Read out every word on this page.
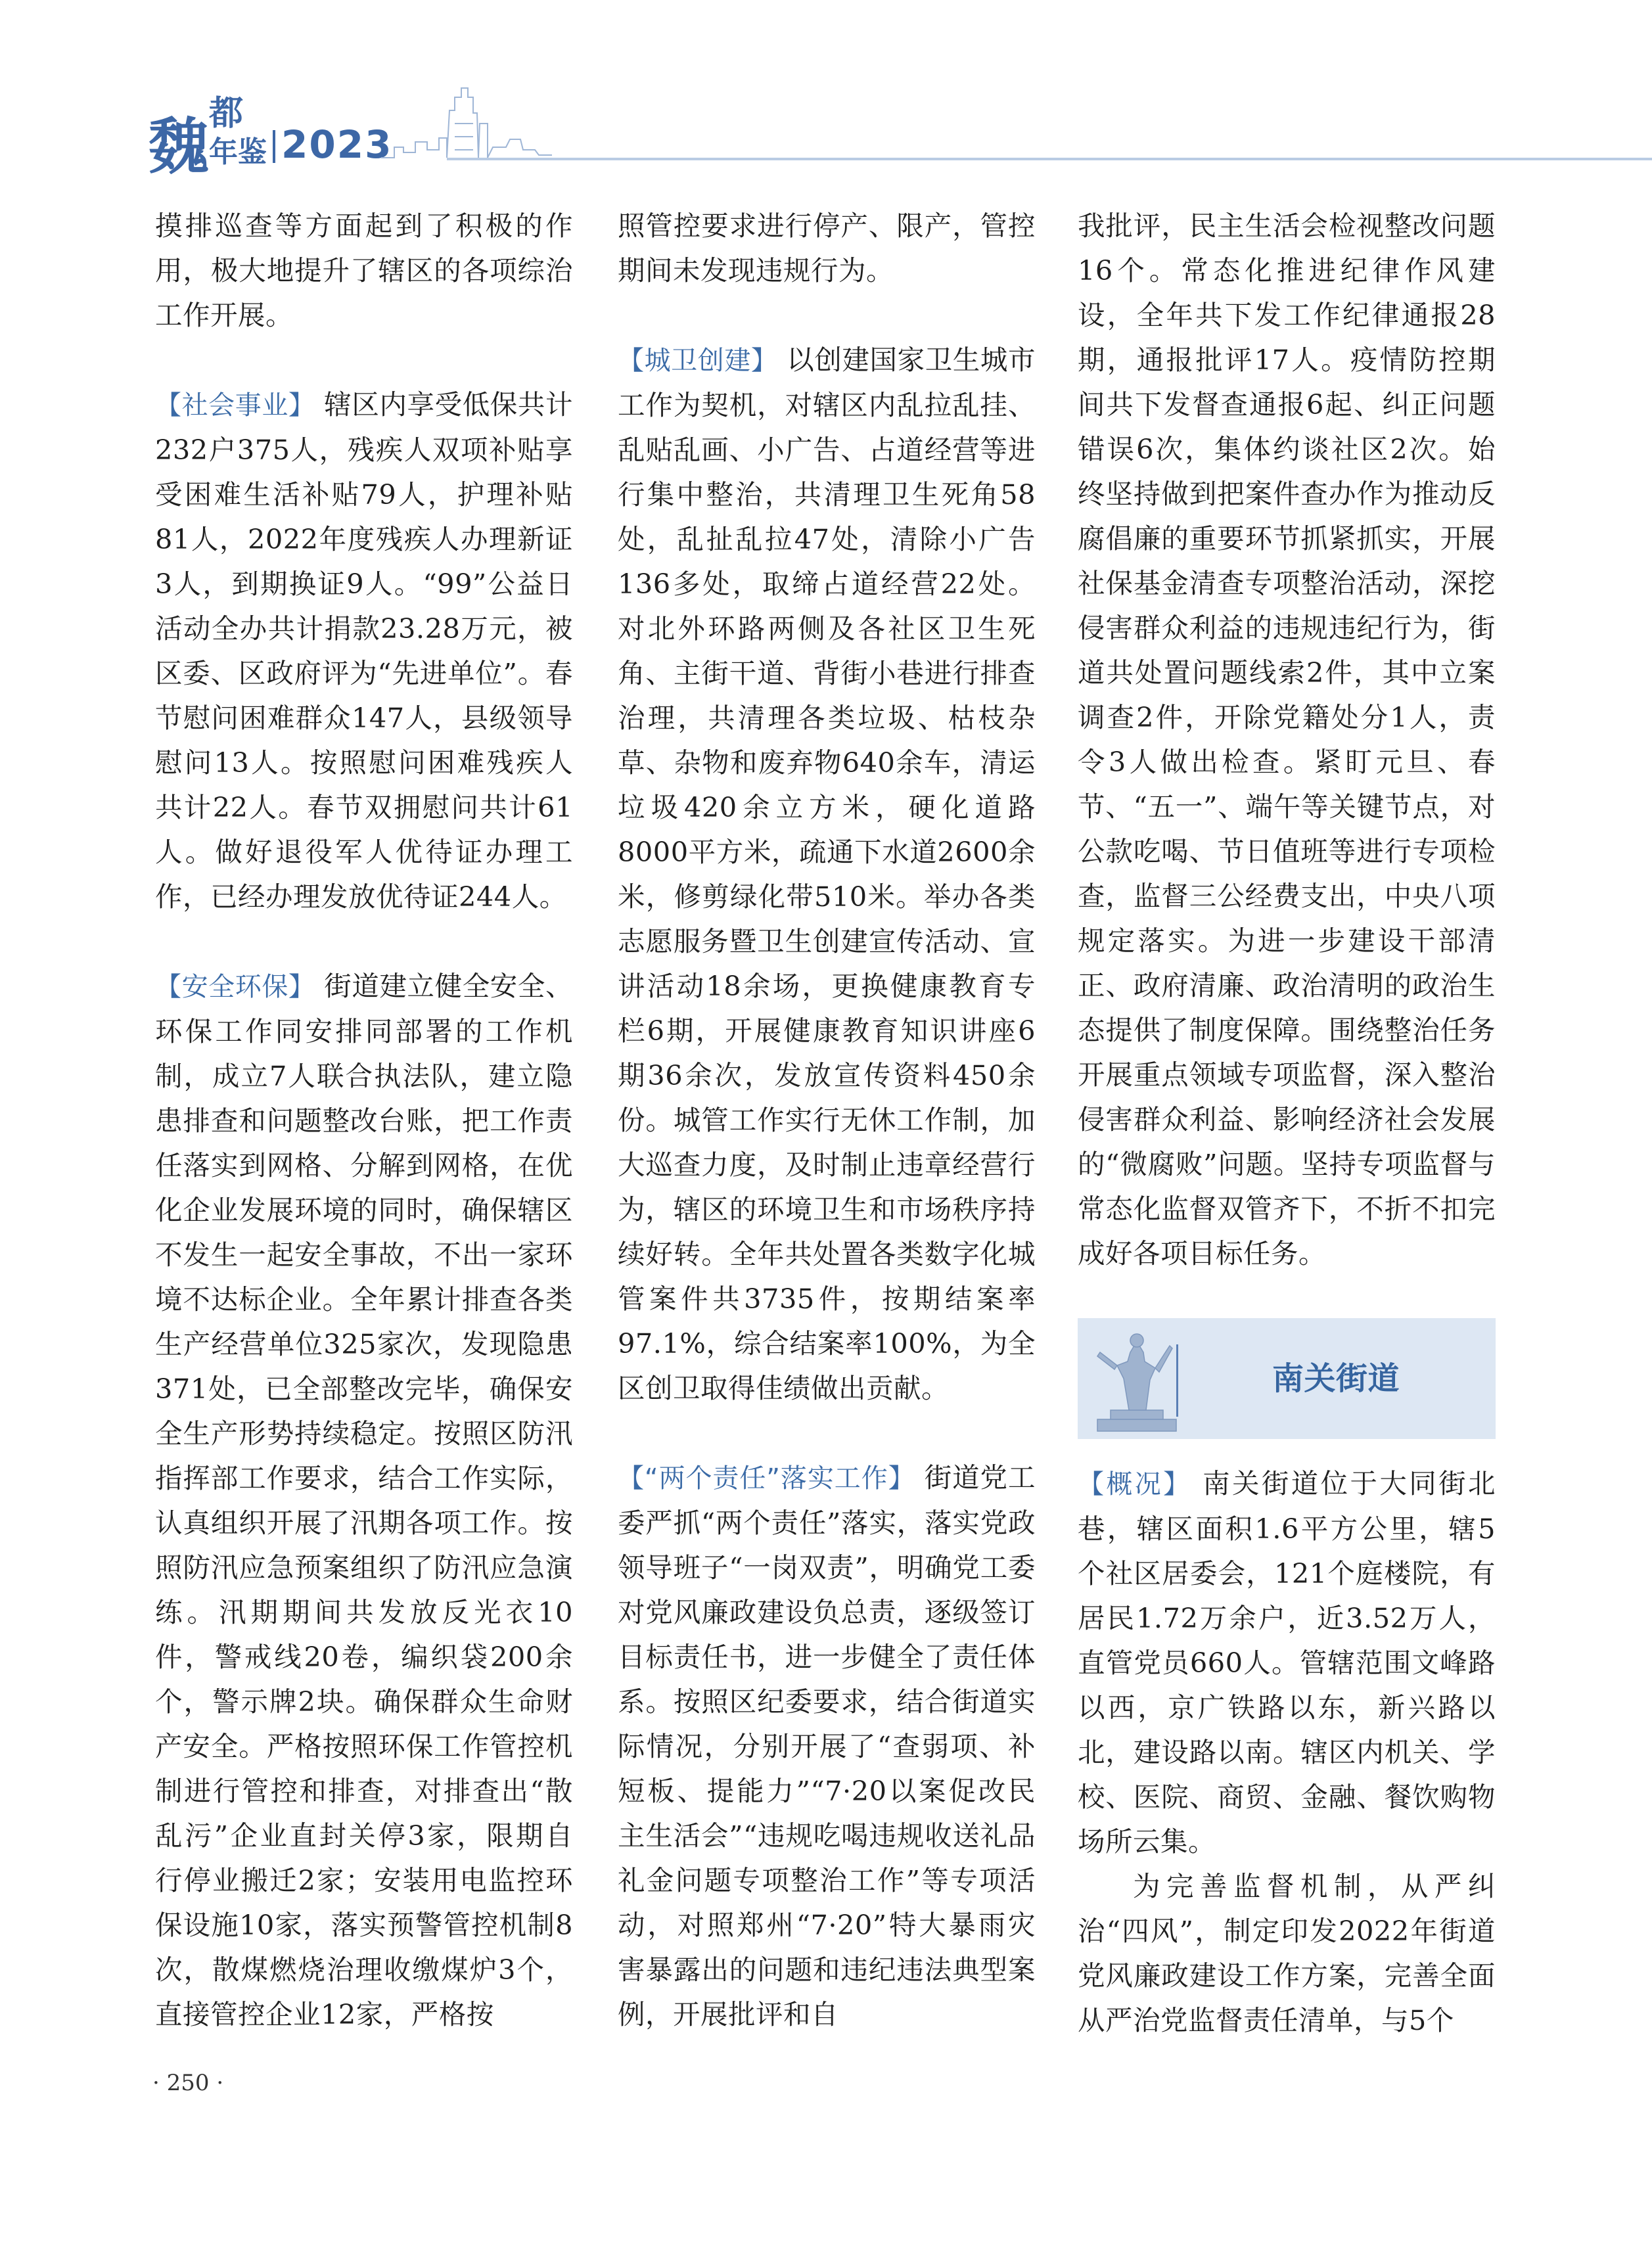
魏 都
年鉴 2023

摸排巡查等方面起到了积极的作用，极大地提升了辖区的各项综治工作开展。

【社会事业】 辖区内享受低保共计232户375人，残疾人双项补贴享受困难生活补贴79人，护理补贴81人，2022年度残疾人办理新证3人，到期换证9人。“99”公益日活动全办共计捐款23.28万元，被区委、区政府评为“先进单位”。春节慰问困难群众147人，县级领导慰问13人。按照慰问困难残疾人共计22人。春节双拥慰问共计61人。做好退役军人优待证办理工作，已经办理发放优待证244人。

【安全环保】 街道建立健全安全、环保工作同安排同部署的工作机制，成立7人联合执法队，建立隐患排查和问题整改台账，把工作责任落实到网格、分解到网格，在优化企业发展环境的同时，确保辖区不发生一起安全事故，不出一家环境不达标企业。全年累计排查各类生产经营单位325家次，发现隐患371处，已全部整改完毕，确保安全生产形势持续稳定。按照区防汛指挥部工作要求，结合工作实际，认真组织开展了汛期各项工作。按照防汛应急预案组织了防汛应急演练。汛期期间共发放反光衣10件，警戒线20卷，编织袋200余个，警示牌2块。确保群众生命财产安全。严格按照环保工作管控机制进行管控和排查，对排查出“散乱污”企业直封关停3家，限期自行停业搬迁2家；安装用电监控环保设施10家，落实预警管控机制8次，散煤燃烧治理收缴煤炉3个，直接管控企业12家，严格按

照管控要求进行停产、限产，管控期间未发现违规行为。

【城卫创建】 以创建国家卫生城市工作为契机，对辖区内乱拉乱挂、乱贴乱画、小广告、占道经营等进行集中整治，共清理卫生死角58处，乱扯乱拉47处，清除小广告136多处，取缔占道经营22处。对北外环路两侧及各社区卫生死角、主街干道、背街小巷进行排查治理，共清理各类垃圾、枯枝杂草、杂物和废弃物640余车，清运垃圾420余立方米，硬化道路8000平方米，疏通下水道2600余米，修剪绿化带510米。举办各类志愿服务暨卫生创建宣传活动、宣讲活动18余场，更换健康教育专栏6期，开展健康教育知识讲座6期36余次，发放宣传资料450余份。城管工作实行无休工作制，加大巡查力度，及时制止违章经营行为，辖区的环境卫生和市场秩序持续好转。全年共处置各类数字化城管案件共3735件，按期结案率97.1%，综合结案率100%，为全区创卫取得佳绩做出贡献。

【“两个责任”落实工作】 街道党工委严抓“两个责任”落实，落实党政领导班子“一岗双责”，明确党工委对党风廉政建设负总责，逐级签订目标责任书，进一步健全了责任体系。按照区纪委要求，结合街道实际情况，分别开展了“查弱项、补短板、提能力”“7·20以案促改民主生活会”“违规吃喝违规收送礼品礼金问题专项整治工作”等专项活动，对照郑州“7·20”特大暴雨灾害暴露出的问题和违纪违法典型案例，开展批评和自

我批评，民主生活会检视整改问题16个。常态化推进纪律作风建设，全年共下发工作纪律通报28期，通报批评17人。疫情防控期间共下发督查通报6起、纠正问题错误6次，集体约谈社区2次。始终坚持做到把案件查办作为推动反腐倡廉的重要环节抓紧抓实，开展社保基金清查专项整治活动，深挖侵害群众利益的违规违纪行为，街道共处置问题线索2件，其中立案调查2件，开除党籍处分1人，责令3人做出检查。紧盯元旦、春节、“五一”、端午等关键节点，对公款吃喝、节日值班等进行专项检查，监督三公经费支出，中央八项规定落实。为进一步建设干部清正、政府清廉、政治清明的政治生态提供了制度保障。围绕整治任务开展重点领域专项监督，深入整治侵害群众利益、影响经济社会发展的“微腐败”问题。坚持专项监督与常态化监督双管齐下，不折不扣完成好各项目标任务。

南关街道

【概况】 南关街道位于大同街北巷，辖区面积1.6平方公里，辖5个社区居委会，121个庭楼院，有居民1.72万余户，近3.52万人，直管党员660人。管辖范围文峰路以西，京广铁路以东，新兴路以北，建设路以南。辖区内机关、学校、医院、商贸、金融、餐饮购物场所云集。

为完善监督机制，从严纠治“四风”，制定印发2022年街道党风廉政建设工作方案，完善全面从严治党监督责任清单，与5个

· 250 ·
